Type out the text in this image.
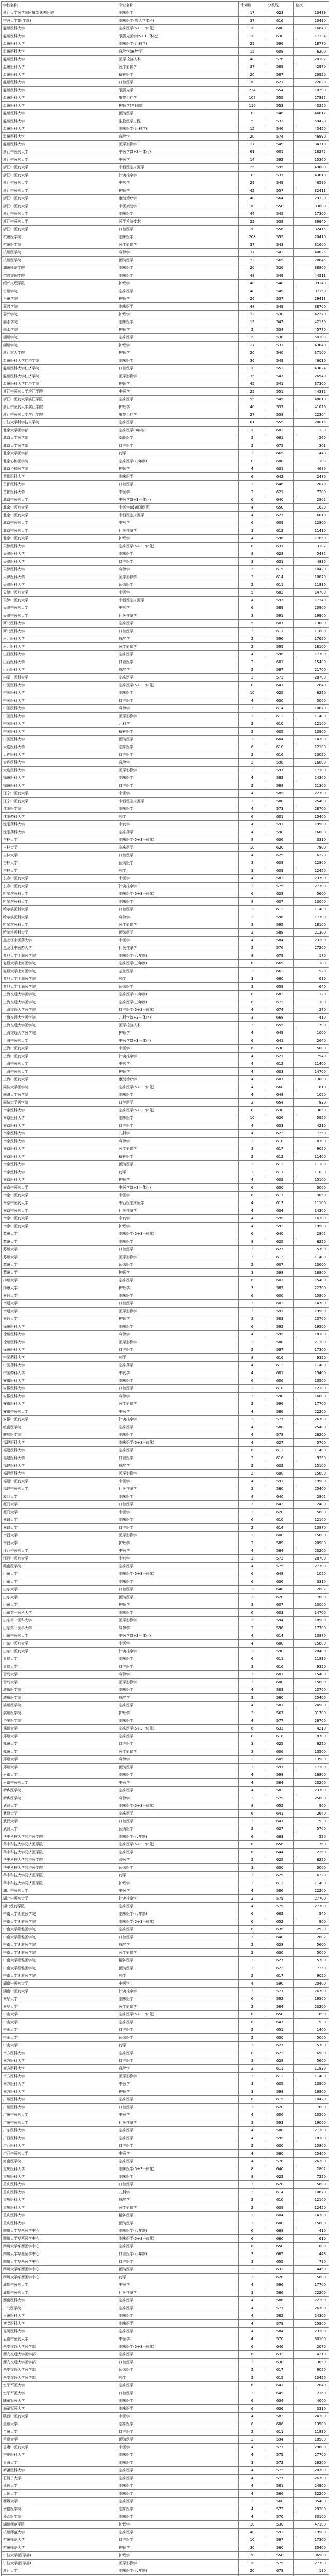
学校名称	专业名称	计划数	分数线	位次
浙江大学医学院附属邵逸夫医院	临床医学	17	623	10489
宁波大学(医学部)	临床医学(高大学本科)	37	616	20490
温州医科大学	临床医学(5+3一体化)	10	600	16640
温州医科大学	眼视光医学(5+3一体化)	10	630	17334
温州医科大学	临床医学(儿科学)	25	596	18770
温州医科大学	麻醉学(麻醉学)	15	608	6200
温州医科大学	医学检验技术	40	576	28102
温州医科大学	医学影像学	37	589	42970
温州医科大学	精神医学	20	587	20950
温州医科大学	口腔医学	30	621	22020
温州医科大学	眼视光学	224	554	10290
温州医科大学	康复治疗学	107	555	27837
温州医科大学	护理学(全日制)	110	553	43250
温州医科大学	预防医学	8	546	46812
温州医科大学	生物医学工程	5	533	59420
温州医科大学	临床医学(儿科学)	15	546	43450
温州医科大学	麻醉学	20	574	46890
温州医科大学	医学影像学	17	549	34310
浙江中医药大学	中医学(5+3一体化)	61	601	18277
浙江中医药大学	中医学	14	592	15360
浙江中医药大学	中西医临床医学	25	595	49880
浙江中医药大学	针灸推拿学	8	537	43010
浙江中医药大学	中药学	29	549	46590
浙江中医药大学	护理学	42	557	32411
浙江中医药大学	康复治疗学	40	564	29330
浙江中医药大学	中医康复学	30	558	33000
浙江中医药大学	临床医学	44	545	17300
浙江中医药大学	医学检验技术	22	539	39940
浙江中医药大学	口腔医学	20	556	32415
杭州医学院	临床医学	208	555	20410
杭州医学院	医学影像学	37	543	31600
杭州医学院	麻醉学	37	543	40025
杭州医学院	预防医学	22	565	20045
湖州师范学院	临床医学	20	526	38800
绍兴文理学院	临床医学	48	549	44511
绍兴文理学院	护理学	40	548	39140
台州学院	临床医学	48	549	37150
台州学院	护理学	26	537	29411
嘉兴学院	临床医学	48	549	38700
嘉兴学院	护理学	22	538	42270
丽水学院	临床医学	19	542	42130
丽水学院	护理学	2	534	45770
湖州学院	临床医学	19	538	50103
湖州学院	护理学	17	531	43040
浙江树人学院	护理学	20	540	37100
温州医科大学仁济学院	临床医学	36	549	46030
温州医科大学仁济学院	口腔医学	10	553	43024
温州医科大学仁济学院	医学影像学	35	547	26940
温州医科大学仁济学院	护理学	45	541	37300
浙江中医药大学滨江学院	中医学	25	551	44312
浙江中医药大学滨江学院	临床医学	55	545	48010
浙江中医药大学滨江学院	护理学	40	537	41026
浙江中医药大学滨江学院	康复治疗学	27	538	22304
宁波大学科学技术学院	临床医学	61	555	20015
北京大学医学部	临床医学(8年制)	10	682	130
北京大学医学部	基础医学	2	661	560
北京大学医学部	口腔医学	2	675	301
北京大学医学部	药学	3	665	448
北京协和医学院	临床医学(八年制)	8	688	103
北京协和医学院	护理学	4	631	4680
首都医科大学	临床医学	6	642	2480
首都医科大学	口腔医学	2	646	2070
首都医科大学	中医学	2	621	7280
北京中医药大学	中医学(5+3一体化)	6	640	2802
北京中医药大学	中医学(岐黄国医班)	4	650	1620
北京中医药大学	中西医临床医学	4	627	6010
北京中医药大学	中药学	6	609	12800
北京中医药大学	针灸推拿学	3	612	11410
北京中医药大学	护理学	4	596	17650
天津医科大学	临床医学(5+3一体化)	6	637	3107
天津医科大学	临床医学	8	628	5482
天津医科大学	口腔医学	3	631	4830
天津医科大学	麻醉学	3	615	10420
天津医科大学	医学影像学	3	614	10870
天津医科大学	预防医学	2	611	11830
天津中医药大学	中医学	5	603	14700
天津中医药大学	中西医临床医学	4	597	17340
天津中医药大学	中药学	6	589	20900
天津中医药大学	针灸推拿学	3	591	19900
河北医科大学	临床医学	5	607	13000
河北医科大学	口腔医学	2	611	11880
河北医科大学	麻醉学	2	596	17650
河北医科大学	医学影像学	2	595	18100
山西医科大学	临床医学	4	596	17700
山西医科大学	口腔医学	2	601	15400
山西医科大学	麻醉学	2	587	21700
内蒙古医科大学	临床医学	3	573	28700
中国医科大学	临床医学(5+3一体化)	8	641	2640
中国医科大学	临床医学	10	625	6220
中国医科大学	口腔医学	4	630	5000
中国医科大学	麻醉学	3	614	10870
中国医科大学	医学影像学	3	612	11400
中国医科大学	儿科学	2	610	12100
中国医科大学	精神医学	2	605	13900
中国医科大学	预防医学	2	604	14300
大连医科大学	临床医学	6	610	12100
大连医科大学	口腔医学	2	616	10050
大连医科大学	麻醉学	2	598	16800
大连医科大学	医学影像学	2	597	17300
锦州医科大学	临床医学	4	582	24300
锦州医科大学	口腔医学	2	588	21300
辽宁中医药大学	中医学	4	585	22700
辽宁中医药大学	中西医临床医学	3	580	25400
沈阳医学院	临床医学	4	573	28700
沈阳药科大学	药学	6	601	15400
沈阳药科大学	中药学	4	591	19900
沈阳药科大学	临床药学	4	598	16800
吉林大学	临床医学(5+3一体化)	8	636	3310
吉林大学	临床医学	10	620	7800
吉林大学	口腔医学	4	625	6220
吉林大学	预防医学	3	608	12800
吉林大学	药学	3	609	12450
长春中医药大学	中医学	4	583	23700
长春中医药大学	针灸推拿学	3	575	27700
哈尔滨医科大学	临床医学(5+3一体化)	6	628	5600
哈尔滨医科大学	临床医学	8	607	13000
哈尔滨医科大学	口腔医学	3	612	11400
哈尔滨医科大学	麻醉学	3	596	17700
哈尔滨医科大学	医学影像学	3	595	18100
哈尔滨医科大学	预防医学	2	588	21300
黑龙江中医药大学	中医学	4	584	23200
黑龙江中医药大学	针灸推拿学	2	576	27200
复旦大学上海医学院	临床医学(八年制)	8	679	170
复旦大学上海医学院	临床医学(五年制)	6	669	380
复旦大学上海医学院	基础医学	2	663	520
复旦大学上海医学院	药学	3	660	610
复旦大学上海医学院	预防医学	3	659	640
上海交通大学医学院	临床医学(八年制)	8	683	120
上海交通大学医学院	临床医学(五年制)	6	672	300
上海交通大学医学院	口腔医学(5+3一体化)	4	674	270
上海交通大学医学院	儿科学(5+3一体化)	3	668	410
上海交通大学医学院	医学检验技术	2	655	790
上海交通大学医学院	护理学	4	649	1000
上海中医药大学	中医学(5+3一体化)	6	641	2640
上海中医药大学	中医学	6	630	5000
上海中医药大学	针灸推拿学	4	621	7540
上海中医药大学	中药学	4	612	11400
上海中医药大学	护理学	4	603	14700
上海中医药大学	康复治疗学	4	607	13000
同济大学医学院	临床医学(5+3一体化)	4	660	610
同济大学医学院	临床医学	4	648	1050
同济大学医学院	口腔医学	2	654	830
南京医科大学	临床医学(5+3一体化)	8	638	3050
南京医科大学	临床医学	10	626	5950
南京医科大学	口腔医学	4	633	4210
南京医科大学	儿科学	4	622	7250
南京医科大学	麻醉学	3	618	8700
南京医科大学	医学影像学	3	617	9050
南京医科大学	精神医学	2	612	11400
南京医科大学	预防医学	3	613	11100
南京医科大学	药学	3	611	11830
南京医科大学	护理学	4	602	15100
南京中医药大学	中医学(5+3一体化)	6	630	5000
南京中医药大学	中医学	6	617	9050
南京中医药大学	中西医临床医学	4	613	11100
南京中医药大学	针灸推拿学	4	604	14300
南京中医药大学	中药学	4	599	16300
南京中医药大学	护理学	4	592	19500
苏州大学	临床医学(5+3一体化)	6	640	2802
苏州大学	临床医学	8	625	6220
苏州大学	口腔医学	2	627	5700
苏州大学	医学影像学	3	612	11400
苏州大学	预防医学	2	607	13000
苏州大学	护理学	3	598	16800
扬州大学	临床医学	6	601	15400
扬州大学	护理学	3	585	22700
南通大学	临床医学	6	600	15800
南通大学	口腔医学	2	603	14700
南通大学	医学影像学	2	591	19900
南通大学	护理学	3	583	23700
徐州医科大学	临床医学	6	592	19500
徐州医科大学	麻醉学	4	595	18100
徐州医科大学	医学影像学	3	588	21300
徐州医科大学	口腔医学	2	597	17300
中国药科大学	药学	8	616	9350
中国药科大学	临床药学	4	612	11400
中国药科大学	中药学	4	601	15400
安徽医科大学	临床医学	6	606	13500
安徽医科大学	口腔医学	2	610	12100
安徽医科大学	麻醉学	2	598	16800
安徽医科大学	医学影像学	2	596	17700
安徽中医药大学	中医学	4	586	22200
安徽中医药大学	针灸推拿学	2	577	26700
皖南医学院	临床医学	4	580	25400
蚌埠医学院	临床医学	4	578	26200
福建医科大学	临床医学(5+3一体化)	4	627	5700
福建医科大学	临床医学	6	612	11400
福建医科大学	口腔医学	2	616	9350
福建医科大学	麻醉学	2	602	15100
福建医科大学	医学影像学	2	600	15800
福建中医药大学	中医学	4	591	19900
福建中医药大学	针灸推拿学	2	580	25400
厦门大学	临床医学	4	640	2802
厦门大学	口腔医学	2	642	2480
厦门大学	中医学	2	628	5600
南昌大学	临床医学	6	610	12100
南昌大学	口腔医学	2	614	10870
南昌大学	医学影像学	2	600	15800
南昌大学	护理学	2	589	20900
江西中医药大学	中医学	4	584	23200
江西中医药大学	中药学	3	573	28700
赣南医学院	临床医学	4	575	27700
山东大学	临床医学(5+3一体化)	6	648	1050
山东大学	临床医学	6	636	3310
山东大学	口腔医学	3	640	2802
山东大学	预防医学	2	620	7800
山东大学	护理学	3	607	13000
山东第一医科大学	临床医学	6	603	14700
山东第一医科大学	医学影像学	3	594	18500
山东第一医科大学	麻醉学	3	596	17700
山东中医药大学	中医学(5+3一体化)	4	614	10870
山东中医药大学	中医学	4	600	15800
山东中医药大学	针灸推拿学	3	590	20400
青岛大学	临床医学	6	611	11830
青岛大学	口腔医学	3	616	9350
青岛大学	麻醉学	2	601	15400
青岛大学	医学影像学	2	600	15800
潍坊医学院	临床医学	4	583	23700
潍坊医学院	麻醉学	3	580	25400
滨州医学院	临床医学	4	581	24900
滨州医学院	护理学	3	567	31700
济宁医学院	临床医学	4	577	26700
郑州大学	临床医学(5+3一体化)	6	633	4210
郑州大学	临床医学	8	618	8700
郑州大学	口腔医学	3	625	6220
郑州大学	医学影像学	3	606	13500
郑州大学	麻醉学	2	605	13900
郑州大学	预防医学	2	597	17300
河南大学	临床医学	4	598	16800
河南中医药大学	中医学	4	584	23200
新乡医学院	临床医学	4	583	23700
新乡医学院	麻醉学	3	579	25800
武汉大学	临床医学(5+3一体化)	8	652	900
武汉大学	临床医学	6	641	2640
武汉大学	口腔医学	3	647	1930
武汉大学	预防医学	2	627	5700
华中科技大学同济医学院	临床医学(八年制)	6	663	520
华中科技大学同济医学院	临床医学(5+3一体化)	6	656	760
华中科技大学同济医学院	临床医学	6	644	2260
华中科技大学同济医学院	法医学	2	625	6220
华中科技大学同济医学院	预防医学	3	630	5000
华中科技大学同济医学院	药学	3	625	6220
华中科技大学同济医学院	护理学	3	612	11400
湖北中医药大学	中医学	4	586	22200
湖北中医药大学	针灸推拿学	2	575	27700
湖北医药学院	临床医学	4	575	27700
中南大学湘雅医学院	临床医学(八年制)	6	662	540
中南大学湘雅医学院	临床医学(5+3一体化)	6	652	900
中南大学湘雅医学院	临床医学	6	639	2930
中南大学湘雅医学院	口腔医学	2	640	2802
中南大学湘雅医学院	麻醉学	2	628	5600
中南大学湘雅医学院	医学影像学	2	630	5000
中南大学湘雅医学院	精神医学	2	627	5700
中南大学湘雅医学院	预防医学	2	622	7250
中南大学湘雅医学院	药学	2	617	9050
湖南中医药大学	中医学	4	590	20400
湖南中医药大学	针灸推拿学	2	577	26700
南华大学	临床医学	6	592	19500
南华大学	医学影像学	2	584	23200
中山大学	临床医学(5+3一体化)	6	658	690
中山大学	临床医学	6	647	1930
中山大学	口腔医学	2	651	1400
中山大学	预防医学	2	630	5000
中山大学	药学	2	627	5700
南方医科大学	临床医学	8	623	6900
南方医科大学	口腔医学	3	628	5600
南方医科大学	麻醉学	2	611	11830
南方医科大学	医学影像学	2	612	11400
南方医科大学	中医学	3	605	13900
南方医科大学	护理学	3	598	16800
广州医科大学	临床医学	6	615	10420
广州医科大学	口腔医学	2	620	7800
广州中医药大学	中医学	4	606	13500
广州中医药大学	针灸推拿学	3	593	19000
广东医科大学	临床医学	4	588	21300
广西医科大学	临床医学	4	595	18100
广西医科大学	口腔医学	2	600	15800
广西中医药大学	中医学	4	580	25400
海南医学院	临床医学	4	578	26200
重庆医科大学	临床医学(5+3一体化)	8	640	2802
重庆医科大学	临床医学	8	622	7250
重庆医科大学	口腔医学	3	628	5600
重庆医科大学	儿科学	3	614	10870
重庆医科大学	麻醉学	2	610	12100
重庆医科大学	医学影像学	2	609	12450
重庆医科大学	精神医学	2	604	14300
重庆医科大学	预防医学	2	600	15800
四川大学华西医学中心	临床医学(八年制)	6	668	410
四川大学华西医学中心	临床医学(5+3一体化)	6	660	610
四川大学华西医学中心	临床医学	6	650	1800
四川大学华西医学中心	口腔医学(八年制)	3	665	448
四川大学华西医学中心	口腔医学	3	655	790
四川大学华西医学中心	预防医学	2	632	4450
四川大学华西医学中心	药学	2	628	5600
成都中医药大学	中医学	4	596	17700
成都中医药大学	针灸推拿学	3	586	22200
西南医科大学	临床医学	4	586	22200
川北医学院	临床医学	4	577	26700
贵州医科大学	临床医学	4	582	24300
遵义医科大学	临床医学	4	579	25800
昆明医科大学	临床医学	4	584	23200
云南中医药大学	中医学	4	570	30100
西安交通大学医学部	临床医学(5+3一体化)	6	646	2070
西安交通大学医学部	临床医学	6	633	4210
西安交通大学医学部	口腔医学	2	638	3050
西安交通大学医学部	预防医学	2	617	9050
西安交通大学医学部	药学	2	615	10420
空军军医大学	临床医学	6	641	2640
空军军医大学	口腔医学	2	645	2160
陆军军医大学	临床医学	6	634	4000
海军军医大学	临床医学	6	636	3310
陕西中医药大学	中医学	4	582	24300
兰州大学	临床医学	6	606	13500
兰州大学	口腔医学	2	611	11830
兰州大学	预防医学	2	594	18500
甘肃中医药大学	中医学	4	571	29600
宁夏医科大学	临床医学	4	575	27700
青海大学	临床医学	3	572	29200
新疆医科大学	临床医学	4	573	28700
石河子大学	临床医学	4	577	26700
延边大学	临床医学	4	581	24900
大理大学	临床医学	4	566	32200
西藏大学	临床医学	2	560	35400
承德医学院	临床医学	4	572	29200
长治医学院	临床医学	4	570	30100
湖州师范学院	护理学	10	530	47100
杭州师范大学	临床医学	40	592	19500
杭州师范大学	口腔医学	10	597	17300
杭州师范大学	护理学	30	560	35400
宁波大学(医学部)	护理学	20	558	36500
宁波大学(医学部)	医学影像学	10	575	27700
浙江大学	临床医学(八年制)	20	678	190
